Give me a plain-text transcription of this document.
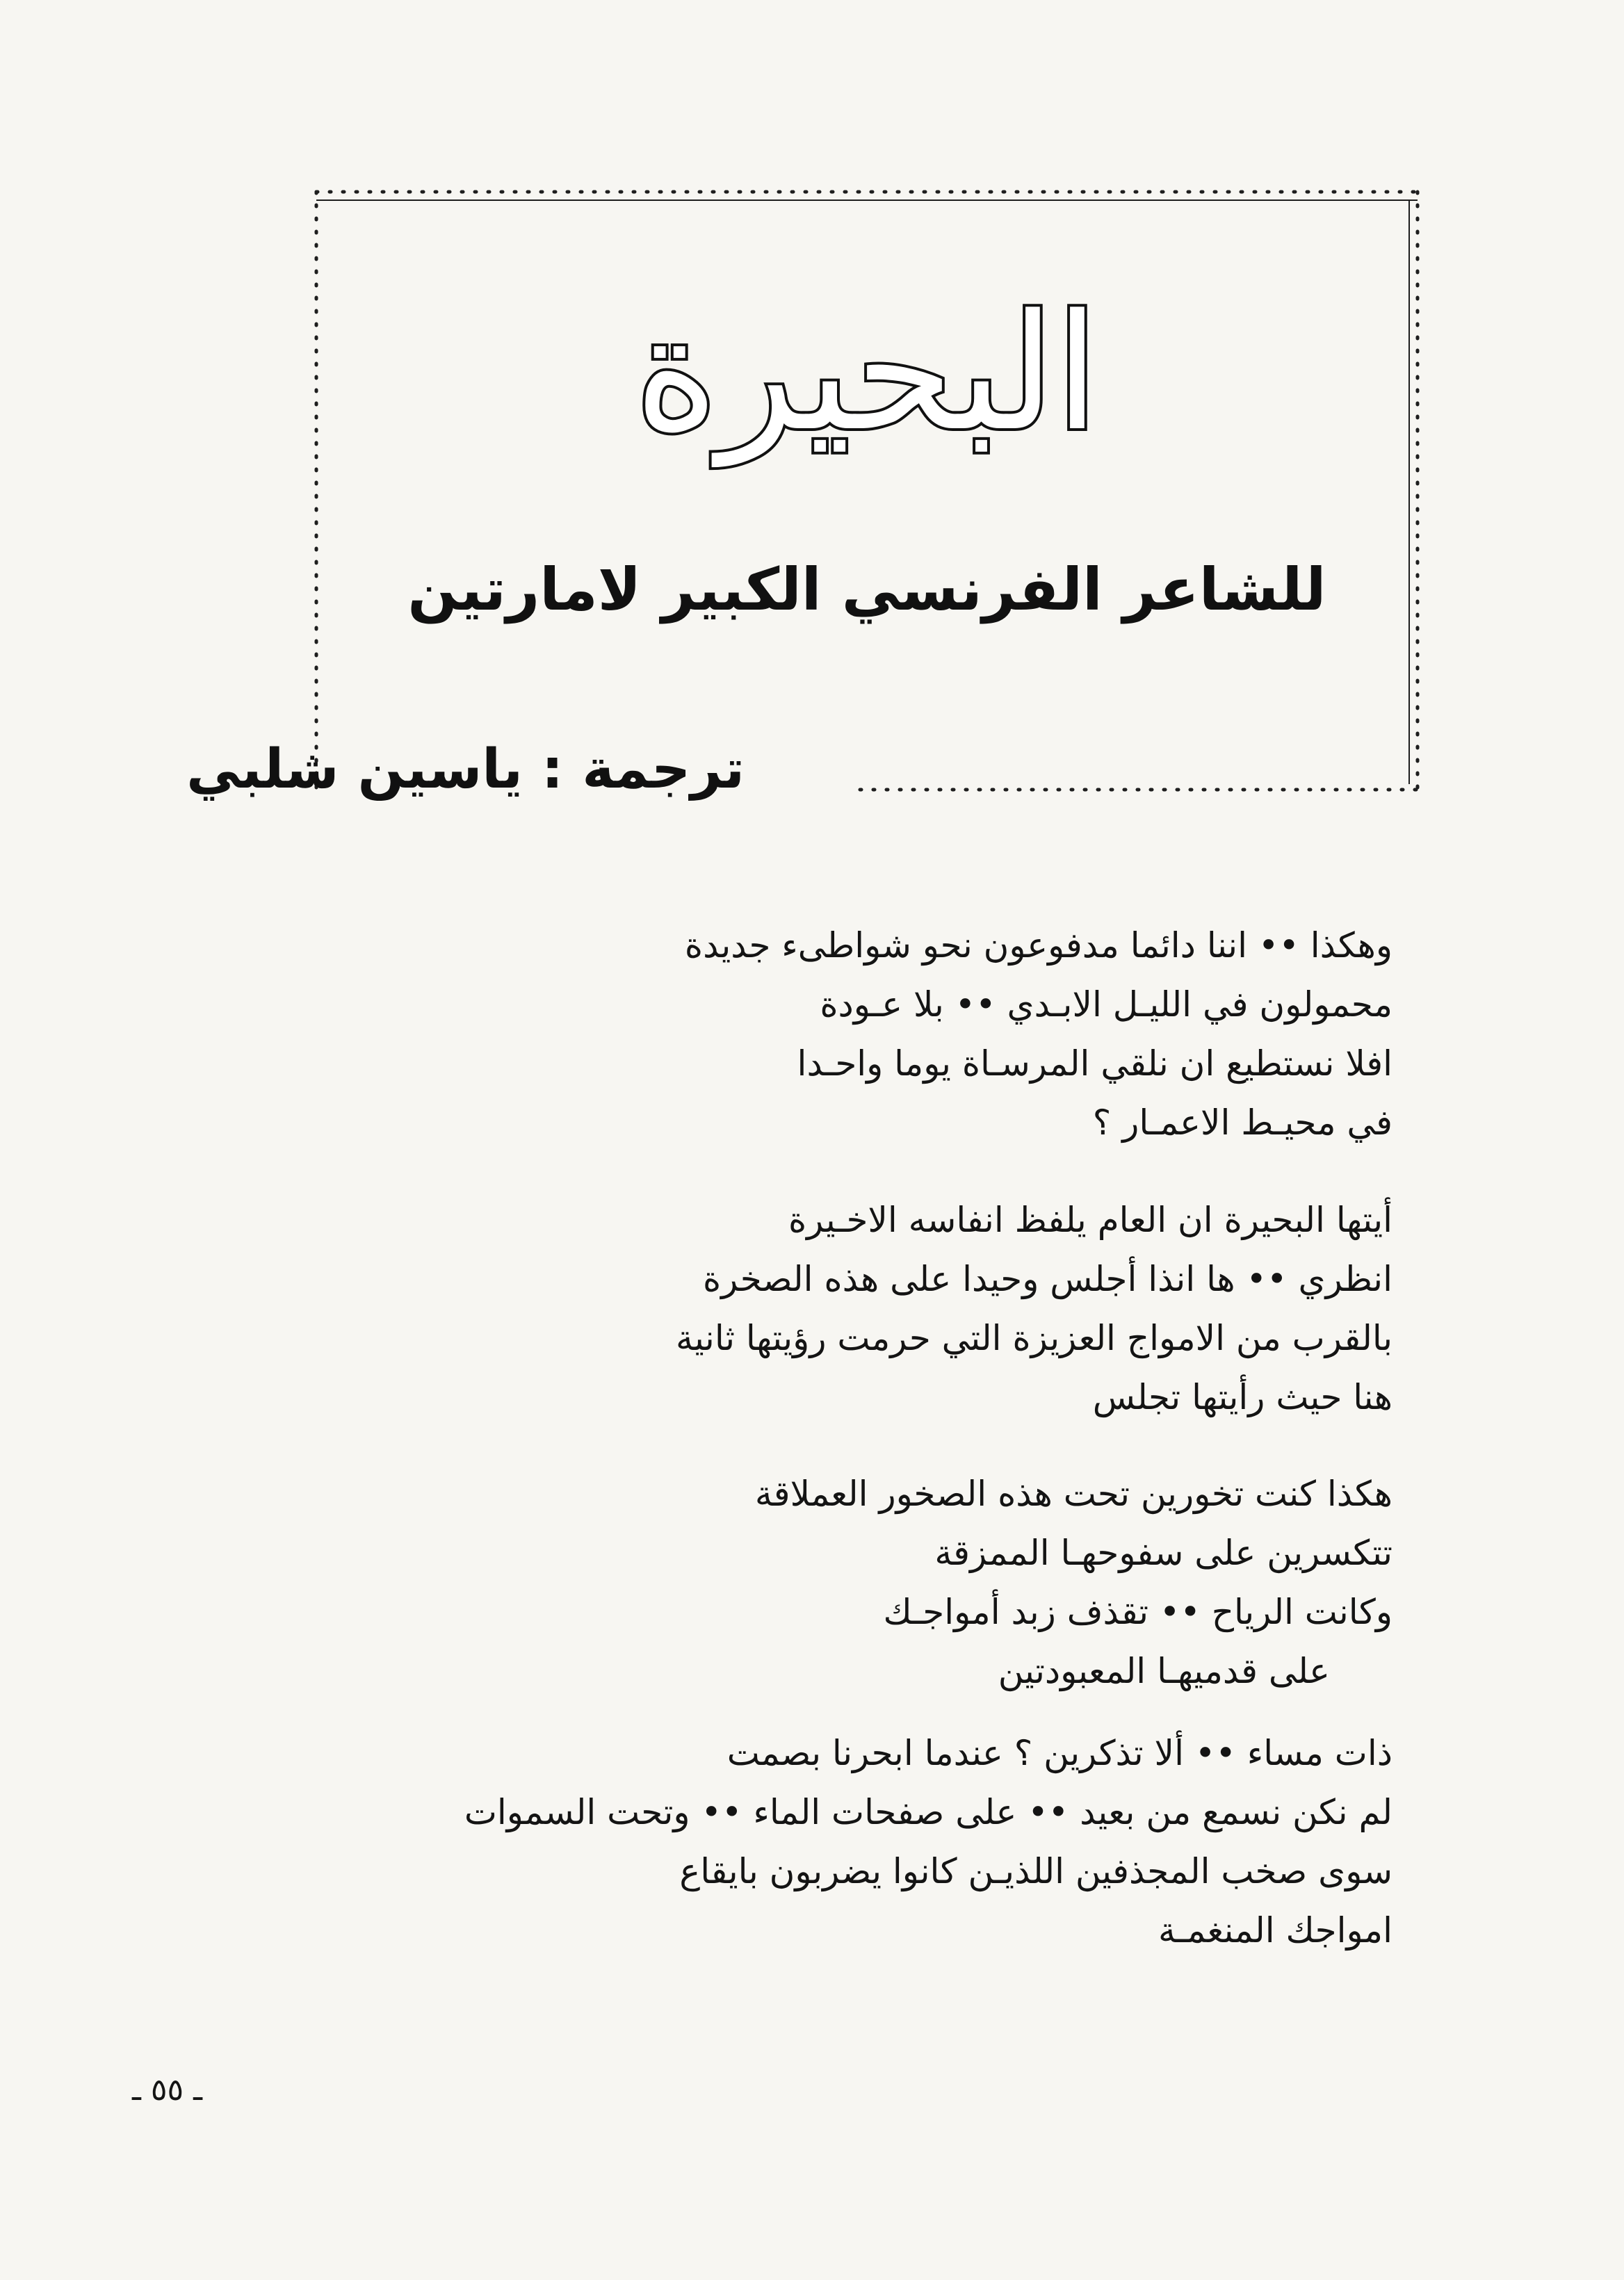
البحيرة
للشاعر الفرنسي الكبير لامارتين
ترجمة : ياسين شلبي
وهكذا •• اننا دائما مدفوعون نحو شواطىء جديدة
محمولون في الليـل الابـدي •• بلا عـودة
افلا نستطيع ان نلقي المرسـاة يوما واحـدا
في محيـط الاعمـار ؟
أيتها البحيرة ان العام يلفظ انفاسه الاخـيرة
انظري •• ها انذا أجلس وحيدا على هذه الصخرة
بالقرب من الامواج العزيزة التي حرمت رؤيتها ثانية
هنا حيث رأيتها تجلس
هكذا كنت تخورين تحت هذه الصخور العملاقة
تتكسرين على سفوحهـا الممزقة
وكانت الرياح •• تقذف زبد أمواجـك
على قدميهـا المعبودتين
ذات مساء •• ألا تذكرين ؟ عندما ابحرنا بصمت
لم نكن نسمع من بعيد •• على صفحات الماء •• وتحت السموات
سوى صخب المجذفين اللذيـن كانوا يضربون بايقاع
امواجك المنغمـة
ـ ٥٥ ـ
